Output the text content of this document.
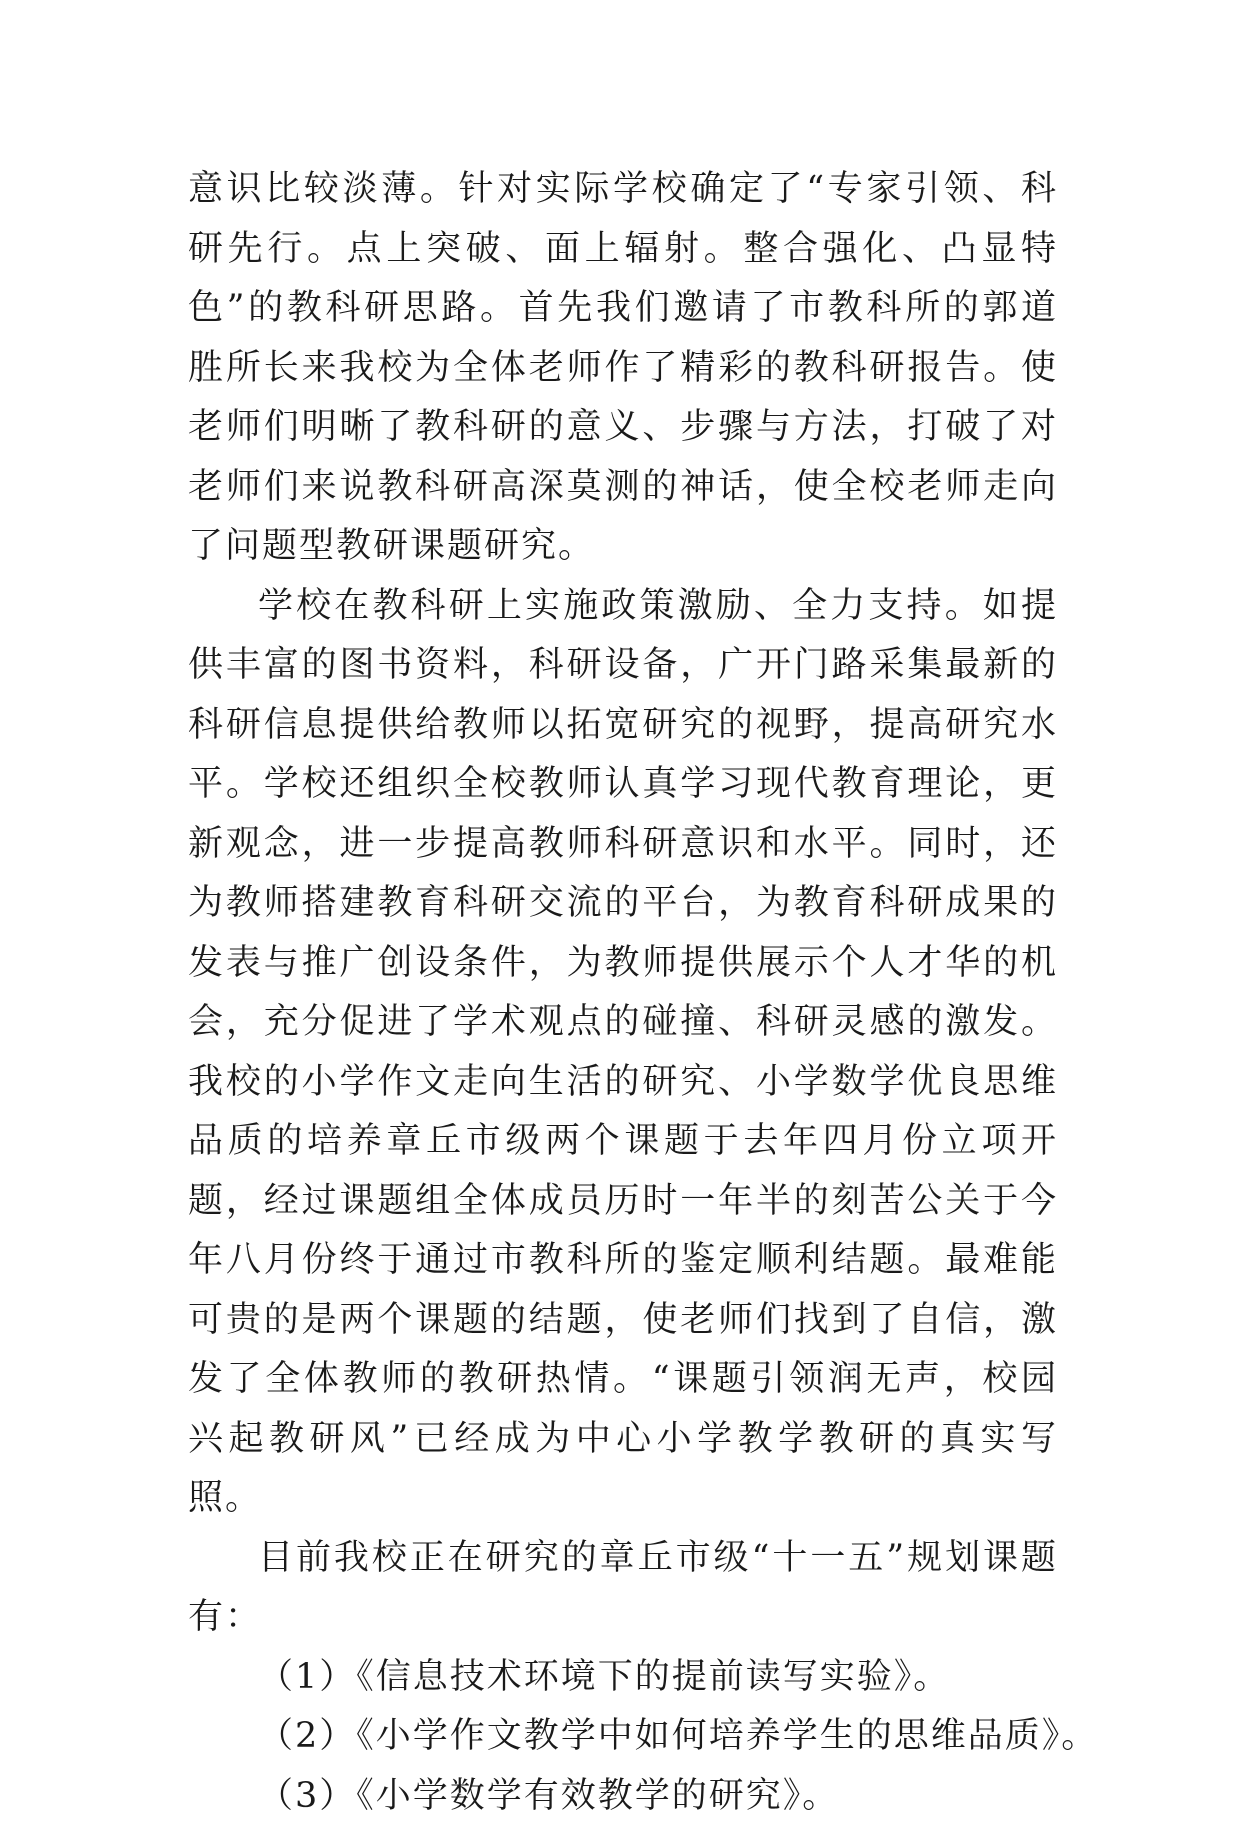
意识比较淡薄。针对实际学校确定了“专家引领、科研先行。点上突破、面上辐射。整合强化、凸显特色”的教科研思路。首先我们邀请了市教科所的郭道胜所长来我校为全体老师作了精彩的教科研报告。使老师们明晰了教科研的意义、步骤与方法，打破了对老师们来说教科研高深莫测的神话，使全校老师走向了问题型教研课题研究。

学校在教科研上实施政策激励、全力支持。如提供丰富的图书资料，科研设备，广开门路采集最新的科研信息提供给教师以拓宽研究的视野，提高研究水平。学校还组织全校教师认真学习现代教育理论，更新观念，进一步提高教师科研意识和水平。同时，还为教师搭建教育科研交流的平台，为教育科研成果的发表与推广创设条件，为教师提供展示个人才华的机会，充分促进了学术观点的碰撞、科研灵感的激发。我校的小学作文走向生活的研究、小学数学优良思维品质的培养章丘市级两个课题于去年四月份立项开题，经过课题组全体成员历时一年半的刻苦公关于今年八月份终于通过市教科所的鉴定顺利结题。最难能可贵的是两个课题的结题，使老师们找到了自信，激发了全体教师的教研热情。“课题引领润无声，校园兴起教研风”已经成为中心小学教学教研的真实写照。

目前我校正在研究的章丘市级“十一五”规划课题有：

（1）《信息技术环境下的提前读写实验》。

（2）《小学作文教学中如何培养学生的思维品质》。

（3）《小学数学有效教学的研究》。
